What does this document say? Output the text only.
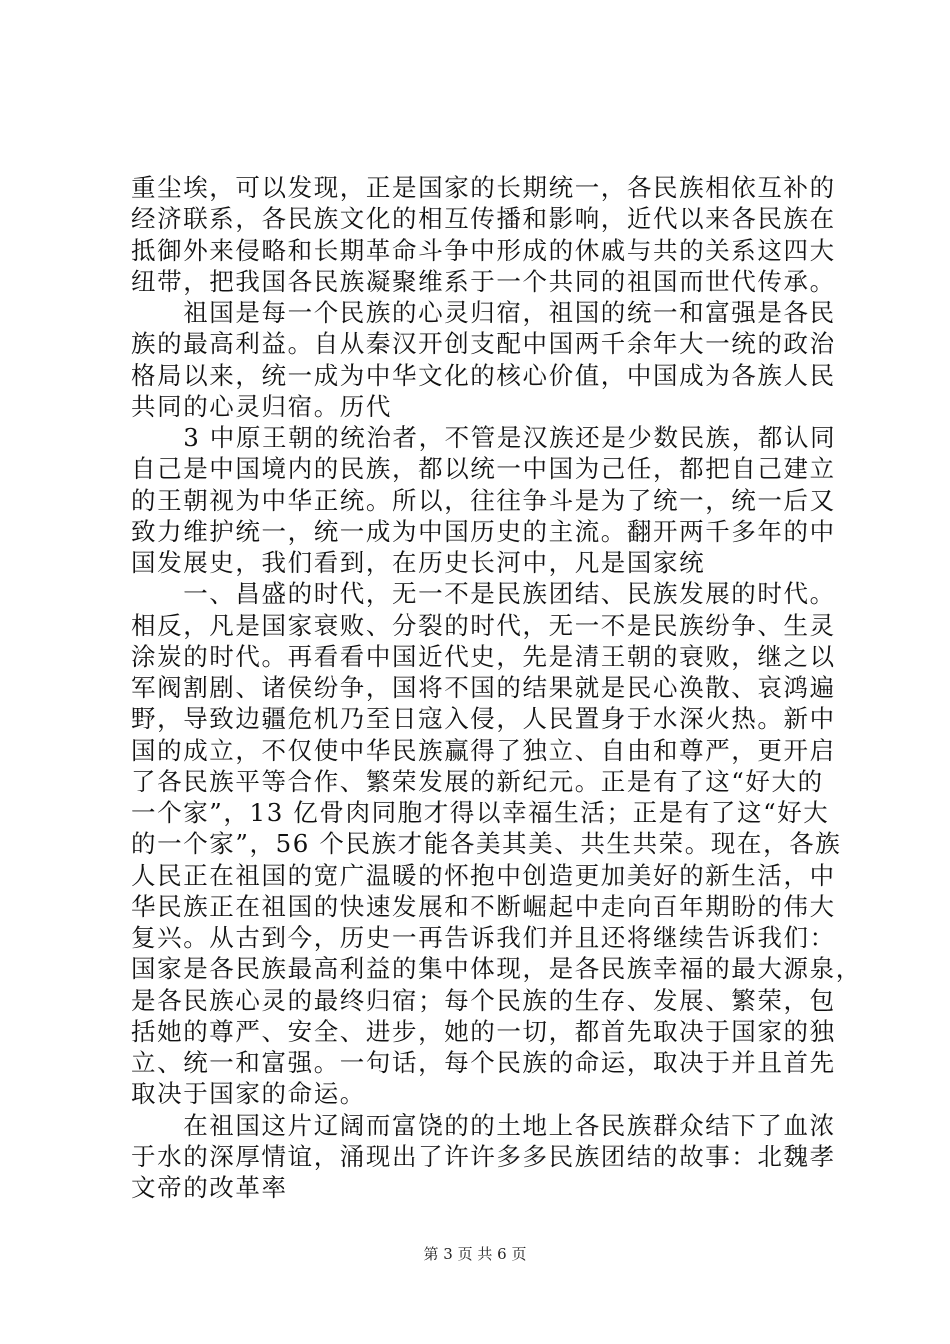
重尘埃，可以发现，正是国家的长期统一，各民族相依互补的
经济联系，各民族文化的相互传播和影响，近代以来各民族在
抵御外来侵略和长期革命斗争中形成的休戚与共的关系这四大
纽带，把我国各民族凝聚维系于一个共同的祖国而世代传承。
　　祖国是每一个民族的心灵归宿，祖国的统一和富强是各民
族的最高利益。自从秦汉开创支配中国两千余年大一统的政治
格局以来，统一成为中华文化的核心价值，中国成为各族人民
共同的心灵归宿。历代
　　3 中原王朝的统治者，不管是汉族还是少数民族，都认同
自己是中国境内的民族，都以统一中国为己任，都把自己建立
的王朝视为中华正统。所以，往往争斗是为了统一，统一后又
致力维护统一，统一成为中国历史的主流。翻开两千多年的中
国发展史，我们看到，在历史长河中，凡是国家统
　　一、昌盛的时代，无一不是民族团结、民族发展的时代。
相反，凡是国家衰败、分裂的时代，无一不是民族纷争、生灵
涂炭的时代。再看看中国近代史，先是清王朝的衰败，继之以
军阀割剧、诸侯纷争，国将不国的结果就是民心涣散、哀鸿遍
野，导致边疆危机乃至日寇入侵，人民置身于水深火热。新中
国的成立，不仅使中华民族赢得了独立、自由和尊严，更开启
了各民族平等合作、繁荣发展的新纪元。正是有了这“好大的
一个家”，13 亿骨肉同胞才得以幸福生活；正是有了这“好大
的一个家”，56 个民族才能各美其美、共生共荣。现在，各族
人民正在祖国的宽广温暖的怀抱中创造更加美好的新生活，中
华民族正在祖国的快速发展和不断崛起中走向百年期盼的伟大
复兴。从古到今，历史一再告诉我们并且还将继续告诉我们：
国家是各民族最高利益的集中体现，是各民族幸福的最大源泉，
是各民族心灵的最终归宿；每个民族的生存、发展、繁荣，包
括她的尊严、安全、进步，她的一切，都首先取决于国家的独
立、统一和富强。一句话，每个民族的命运，取决于并且首先
取决于国家的命运。
　　在祖国这片辽阔而富饶的的土地上各民族群众结下了血浓
于水的深厚情谊，涌现出了许许多多民族团结的故事：北魏孝
文帝的改革率
第 3 页 共 6 页
